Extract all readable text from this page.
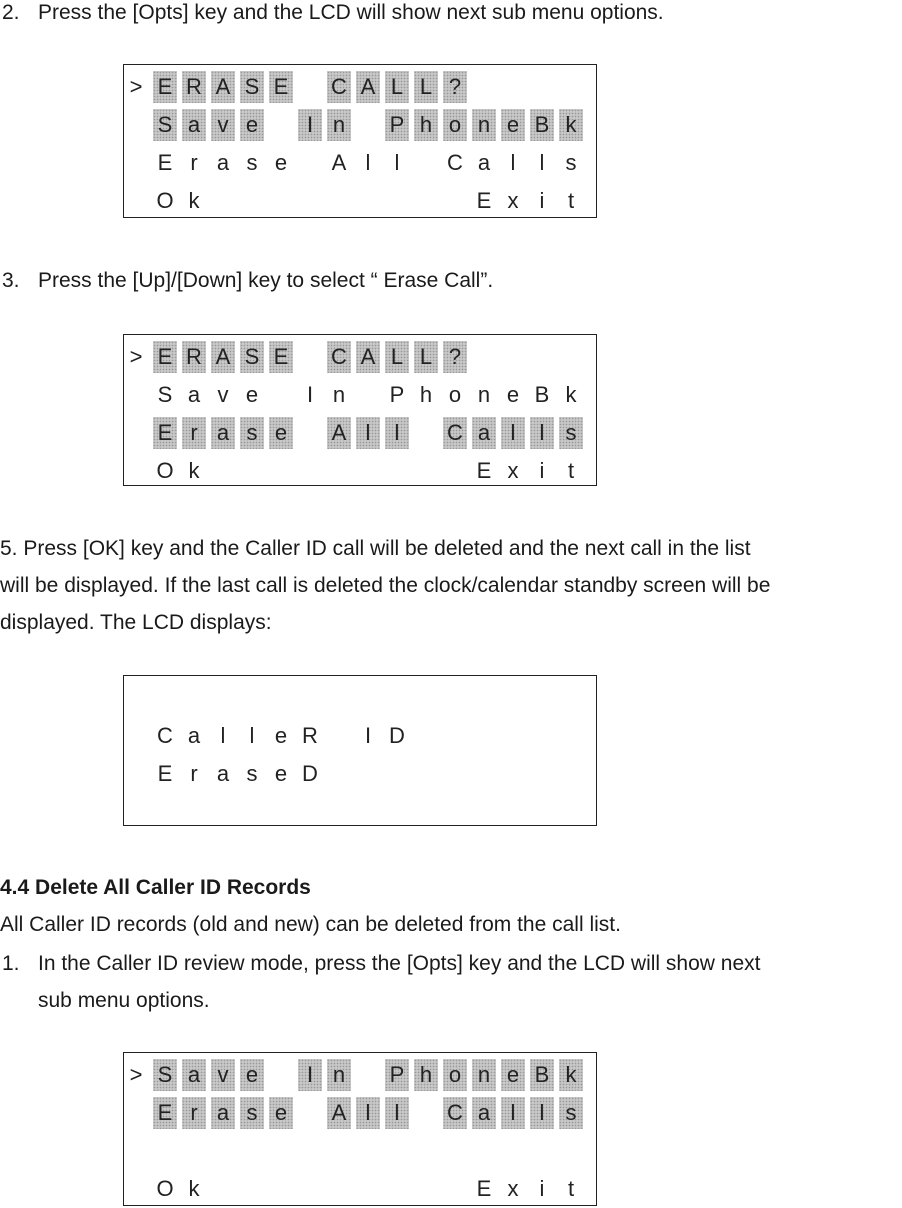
2. Press the [Opts] key and the LCD will show next sub menu options.
> E R A S E
C A L L ?

S a v e
	I n
P h o n e B k

E r a s e
A l	l
	C a l	l s

O k

	E x i	t
3. Press the [Up]/[Down] key to select “ Erase Call”.
> E R A S E
C A L L ?

S a v e
	I n
P h o n e B k

E r a s e
A l	l
	C a l	l s

O k

	E x i	t
5. Press [OK] key and the Caller ID call will be deleted and the next call in the list
will be displayed. If the last call is deleted the clock/calendar standby screen will be
displayed. The LCD displays:

C a l	l e R
	I D

E r a s e D
4.4 Delete All Caller ID Records
All Caller ID records (old and new) can be deleted from the call list.
1. In the Caller ID review mode, press the [Opts] key and the LCD will show next
sub menu options.
> S a v e
	I n
P h o n e B k

E r a s e
A l	l
	C a l	l s

O k

	E x i	t
